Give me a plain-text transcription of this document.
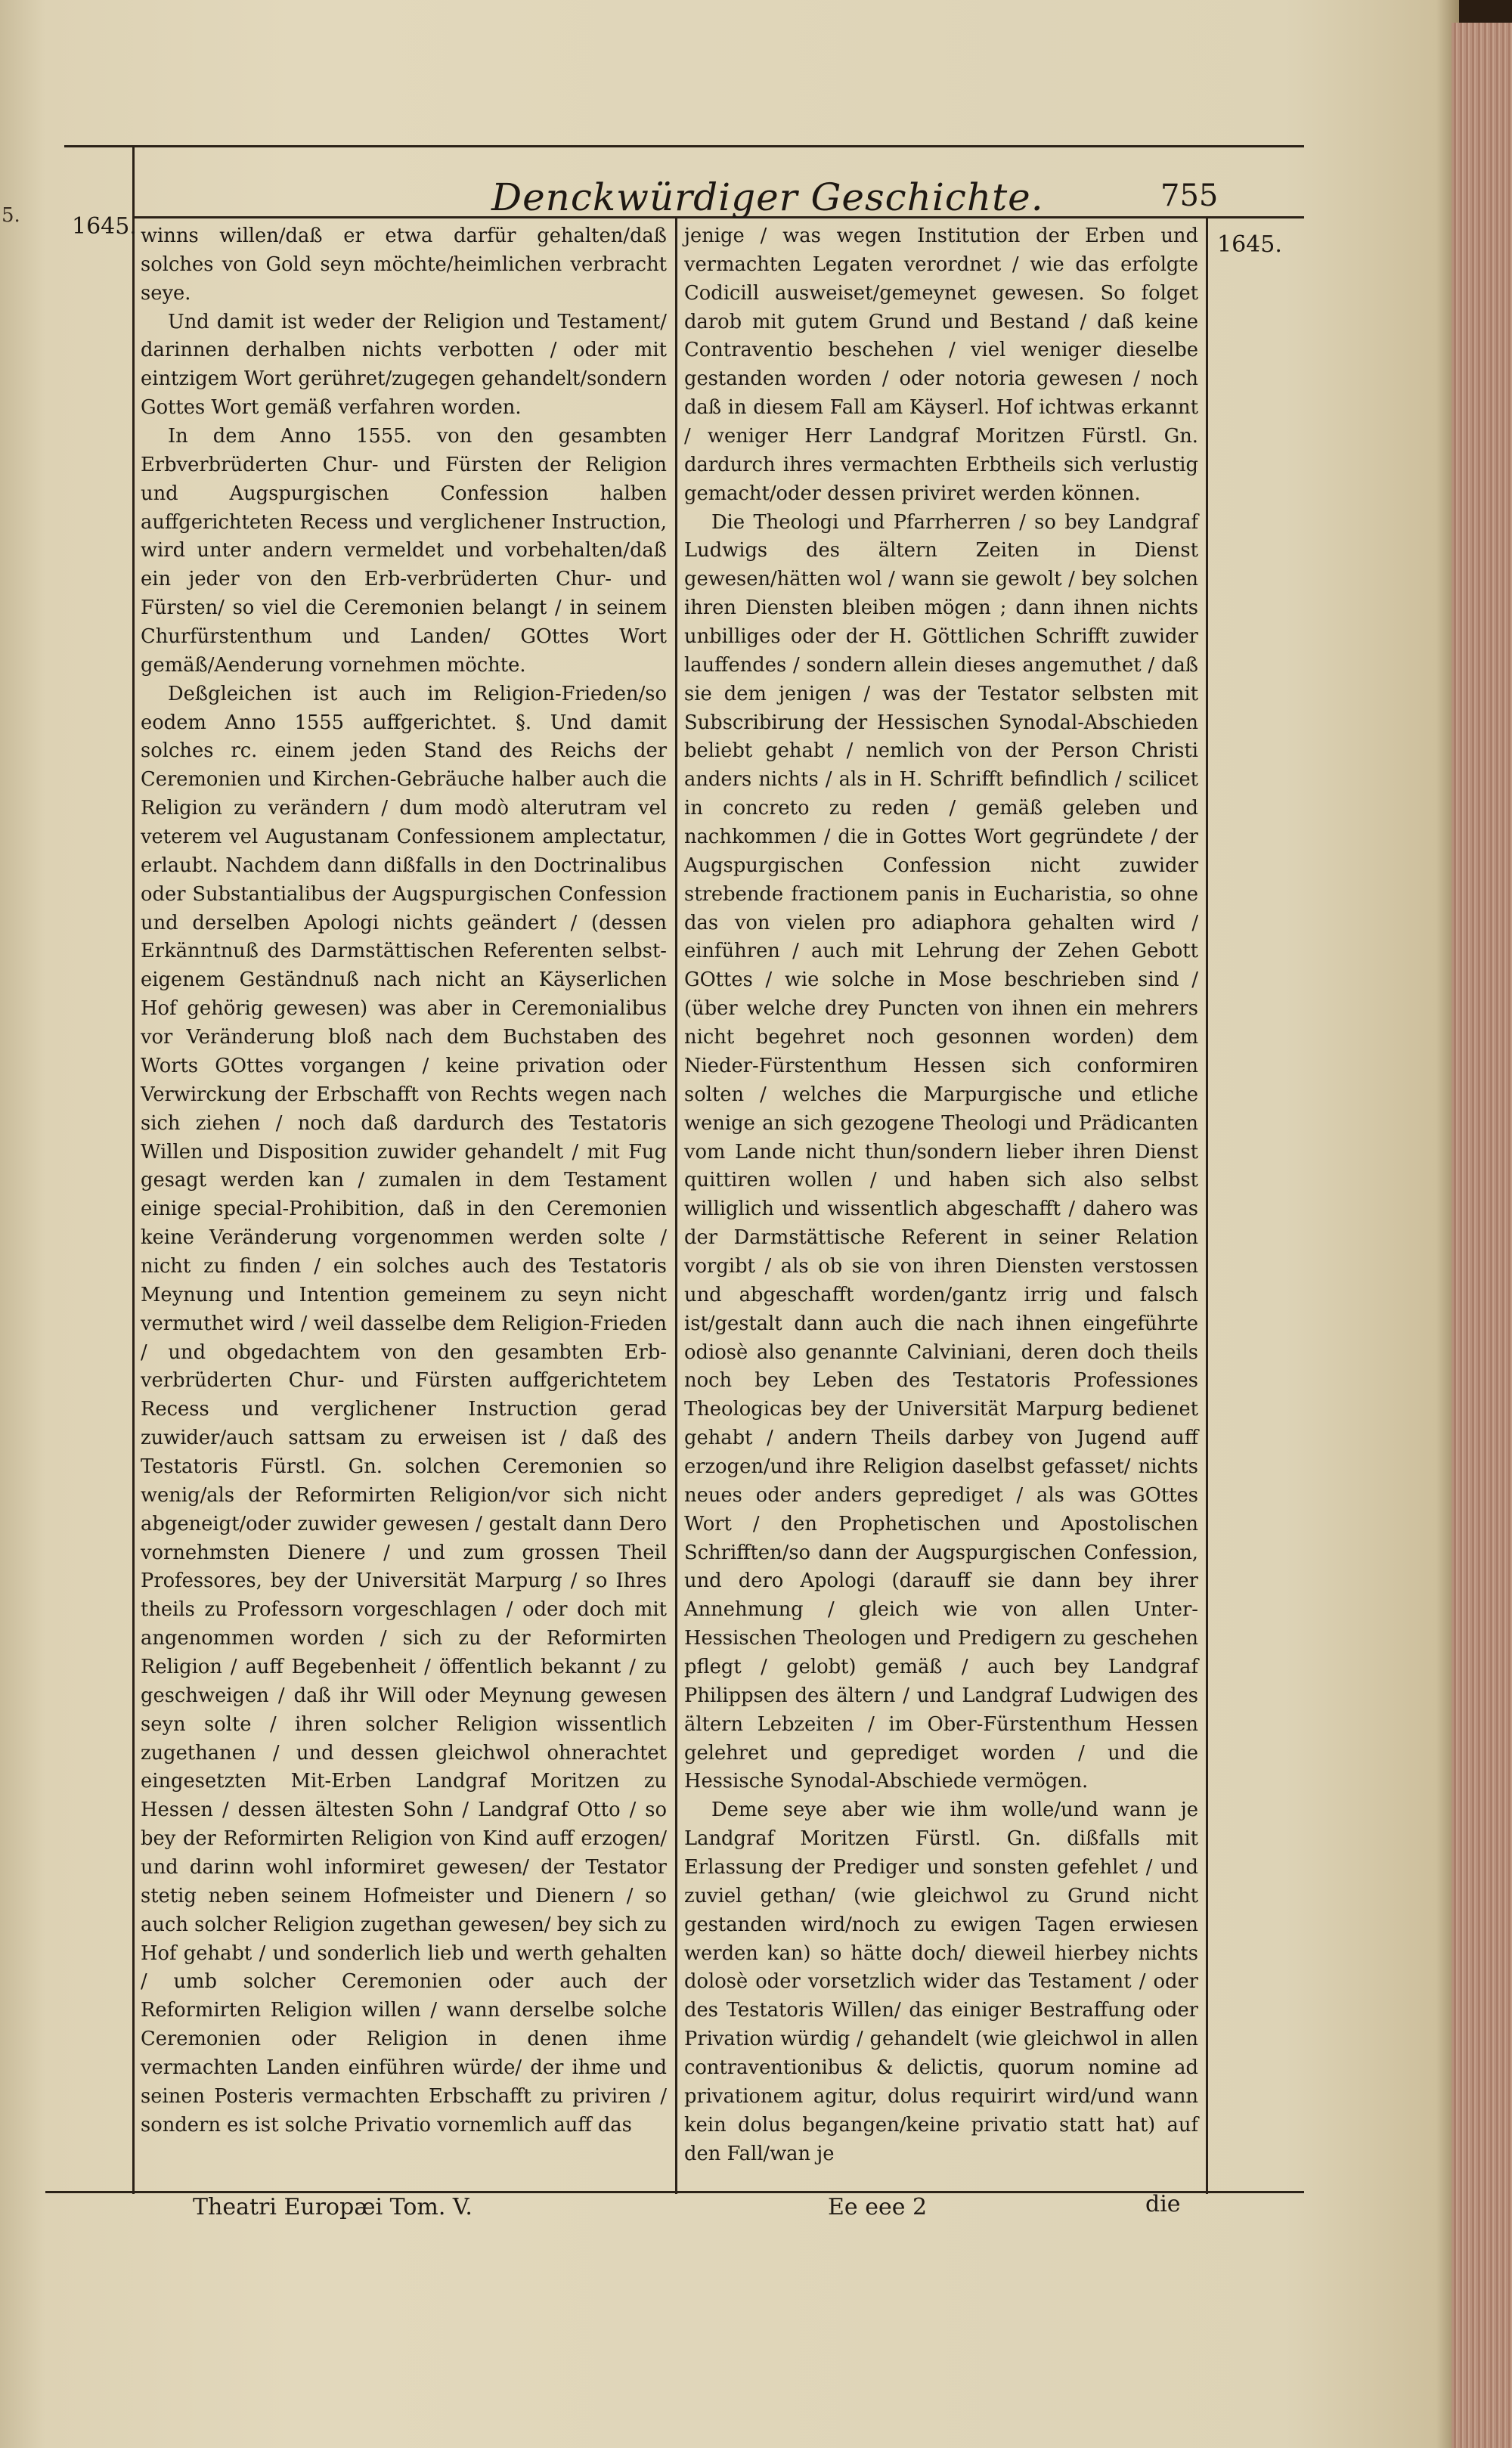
5.	Denckwürdiger Geschichte.	755
1645.
1645.

winns willen/daß er etwa darfür gehalten/daß solches von Gold seyn möchte/heimlichen verbracht seye.

Und damit ist weder der Religion und Testament/ darinnen derhalben nichts verbotten / oder mit eintzigem Wort gerühret/zugegen gehandelt/sondern Gottes Wort gemäß verfahren worden.

In dem Anno 1555. von den gesambten Erbverbrüderten Chur- und Fürsten der Religion und Augspurgischen Confession halben auffgerichteten Recess und verglichener Instruction, wird unter andern vermeldet und vorbehalten/daß ein jeder von den Erb-verbrüderten Chur- und Fürsten/ so viel die Ceremonien belangt / in seinem Churfürstenthum und Landen/ GOttes Wort gemäß/Aenderung vornehmen möchte.

Deßgleichen ist auch im Religion-Frieden/so eodem Anno 1555 auffgerichtet. §. Und damit solches rc. einem jeden Stand des Reichs der Ceremonien und Kirchen-Gebräuche halber auch die Religion zu verändern / dum modò alterutram vel veterem vel Augustanam Confessionem amplectatur, erlaubt. Nachdem dann dißfalls in den Doctrinalibus oder Substantialibus der Augspurgischen Confession und derselben Apologi nichts geändert / (dessen Erkänntnuß des Darmstättischen Referenten selbst- eigenem Geständnuß nach nicht an Käyserlichen Hof gehörig gewesen) was aber in Ceremonialibus vor Veränderung bloß nach dem Buchstaben des Worts GOttes vorgangen / keine privation oder Verwirckung der Erbschafft von Rechts wegen nach sich ziehen / noch daß dardurch des Testatoris Willen und Disposition zuwider gehandelt / mit Fug gesagt werden kan / zumalen in dem Testament einige special-Prohibition, daß in den Ceremonien keine Veränderung vorgenommen werden solte / nicht zu finden / ein solches auch des Testatoris Meynung und Intention gemeinem zu seyn nicht vermuthet wird / weil dasselbe dem Religion-Frieden / und obgedachtem von den gesambten Erb-verbrüderten Chur- und Fürsten auffgerichtetem Recess und verglichener Instruction gerad zuwider/auch sattsam zu erweisen ist / daß des Testatoris Fürstl. Gn. solchen Ceremonien so wenig/als der Reformirten Religion/vor sich nicht abgeneigt/oder zuwider gewesen / gestalt dann Dero vornehmsten Dienere / und zum grossen Theil Professores, bey der Universität Marpurg / so Ihres theils zu Professorn vorgeschlagen / oder doch mit angenommen worden / sich zu der Reformirten Religion / auff Begebenheit / öffentlich bekannt / zu geschweigen / daß ihr Will oder Meynung gewesen seyn solte / ihren solcher Religion wissentlich zugethanen / und dessen gleichwol ohnerachtet eingesetzten Mit-Erben Landgraf Moritzen zu Hessen / dessen ältesten Sohn / Landgraf Otto / so bey der Reformirten Religion von Kind auff erzogen/ und darinn wohl informiret gewesen/ der Testator stetig neben seinem Hofmeister und Dienern / so auch solcher Religion zugethan gewesen/ bey sich zu Hof gehabt / und sonderlich lieb und werth gehalten / umb solcher Ceremonien oder auch der Reformirten Religion willen / wann derselbe solche Ceremonien oder Religion in denen ihme vermachten Landen einführen würde/ der ihme und seinen Posteris vermachten Erbschafft zu priviren / sondern es ist solche Privatio vornemlich auff das

jenige / was wegen Institution der Erben und vermachten Legaten verordnet / wie das erfolgte Codicill ausweiset/gemeynet gewesen. So folget darob mit gutem Grund und Bestand / daß keine Contraventio beschehen / viel weniger dieselbe gestanden worden / oder notoria gewesen / noch daß in diesem Fall am Käyserl. Hof ichtwas erkannt / weniger Herr Landgraf Moritzen Fürstl. Gn. dardurch ihres vermachten Erbtheils sich verlustig gemacht/oder dessen priviret werden können.

Die Theologi und Pfarrherren / so bey Landgraf Ludwigs des ältern Zeiten in Dienst gewesen/hätten wol / wann sie gewolt / bey solchen ihren Diensten bleiben mögen ; dann ihnen nichts unbilliges oder der H. Göttlichen Schrifft zuwider lauffendes / sondern allein dieses angemuthet / daß sie dem jenigen / was der Testator selbsten mit Subscribirung der Hessischen Synodal-Abschieden beliebt gehabt / nemlich von der Person Christi anders nichts / als in H. Schrifft befindlich / scilicet in concreto zu reden / gemäß geleben und nachkommen / die in Gottes Wort gegründete / der Augspurgischen Confession nicht zuwider strebende fractionem panis in Eucharistia, so ohne das von vielen pro adiaphora gehalten wird / einführen / auch mit Lehrung der Zehen Gebott GOttes / wie solche in Mose beschrieben sind / (über welche drey Puncten von ihnen ein mehrers nicht begehret noch gesonnen worden) dem Nieder-Fürstenthum Hessen sich conformiren solten / welches die Marpurgische und etliche wenige an sich gezogene Theologi und Prädicanten vom Lande nicht thun/sondern lieber ihren Dienst quittiren wollen / und haben sich also selbst williglich und wissentlich abgeschafft / dahero was der Darmstättische Referent in seiner Relation vorgibt / als ob sie von ihren Diensten verstossen und abgeschafft worden/gantz irrig und falsch ist/gestalt dann auch die nach ihnen eingeführte odiosè also genannte Calviniani, deren doch theils noch bey Leben des Testatoris Professiones Theologicas bey der Universität Marpurg bedienet gehabt / andern Theils darbey von Jugend auff erzogen/und ihre Religion daselbst gefasset/ nichts neues oder anders geprediget / als was GOttes Wort / den Prophetischen und Apostolischen Schrifften/so dann der Augspurgischen Confession, und dero Apologi (darauff sie dann bey ihrer Annehmung / gleich wie von allen Unter-Hessischen Theologen und Predigern zu geschehen pflegt / gelobt) gemäß / auch bey Landgraf Philippsen des ältern / und Landgraf Ludwigen des ältern Lebzeiten / im Ober-Fürstenthum Hessen gelehret und geprediget worden / und die Hessische Synodal-Abschiede vermögen.

Deme seye aber wie ihm wolle/und wann je Landgraf Moritzen Fürstl. Gn. dißfalls mit Erlassung der Prediger und sonsten gefehlet / und zuviel gethan/ (wie gleichwol zu Grund nicht gestanden wird/noch zu ewigen Tagen erwiesen werden kan) so hätte doch/ dieweil hierbey nichts dolosè oder vorsetzlich wider das Testament / oder des Testatoris Willen/ das einiger Bestraffung oder Privation würdig / gehandelt (wie gleichwol in allen contraventionibus & delictis, quorum nomine ad privationem agitur, dolus requirirt wird/und wann kein dolus begangen/keine privatio statt hat) auf den Fall/wan je

Theatri Europæi Tom. V.	Ee eee 2	die
